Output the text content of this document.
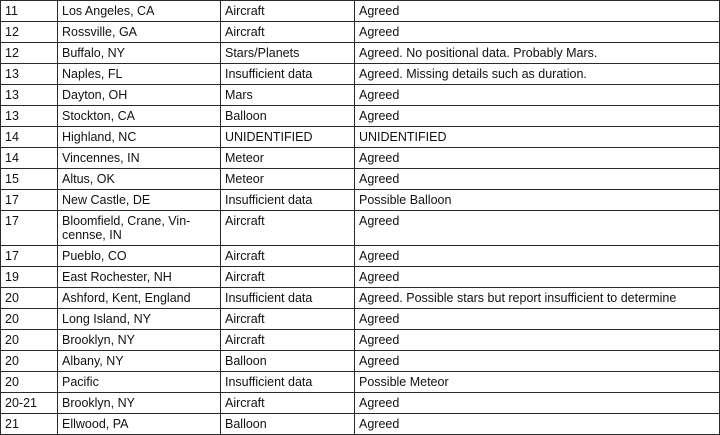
11	Los Angeles, CA	Aircraft	Agreed
12	Rossville, GA	Aircraft	Agreed
12	Buffalo, NY	Stars/Planets	Agreed. No positional data. Probably Mars.
13	Naples, FL	Insufficient data	Agreed. Missing details such as duration.
13	Dayton, OH	Mars	Agreed
13	Stockton, CA	Balloon	Agreed
14	Highland, NC	UNIDENTIFIED	UNIDENTIFIED
14	Vincennes, IN	Meteor	Agreed
15	Altus, OK	Meteor	Agreed
17	New Castle, DE	Insufficient data	Possible Balloon
17	Bloomfield, Crane, Vin-cennse, IN	Aircraft	Agreed
17	Pueblo, CO	Aircraft	Agreed
19	East Rochester, NH	Aircraft	Agreed
20	Ashford, Kent, England	Insufficient data	Agreed. Possible stars but report insufficient to determine
20	Long Island, NY	Aircraft	Agreed
20	Brooklyn, NY	Aircraft	Agreed
20	Albany, NY	Balloon	Agreed
20	Pacific	Insufficient data	Possible Meteor
20-21	Brooklyn, NY	Aircraft	Agreed
21	Ellwood, PA	Balloon	Agreed
